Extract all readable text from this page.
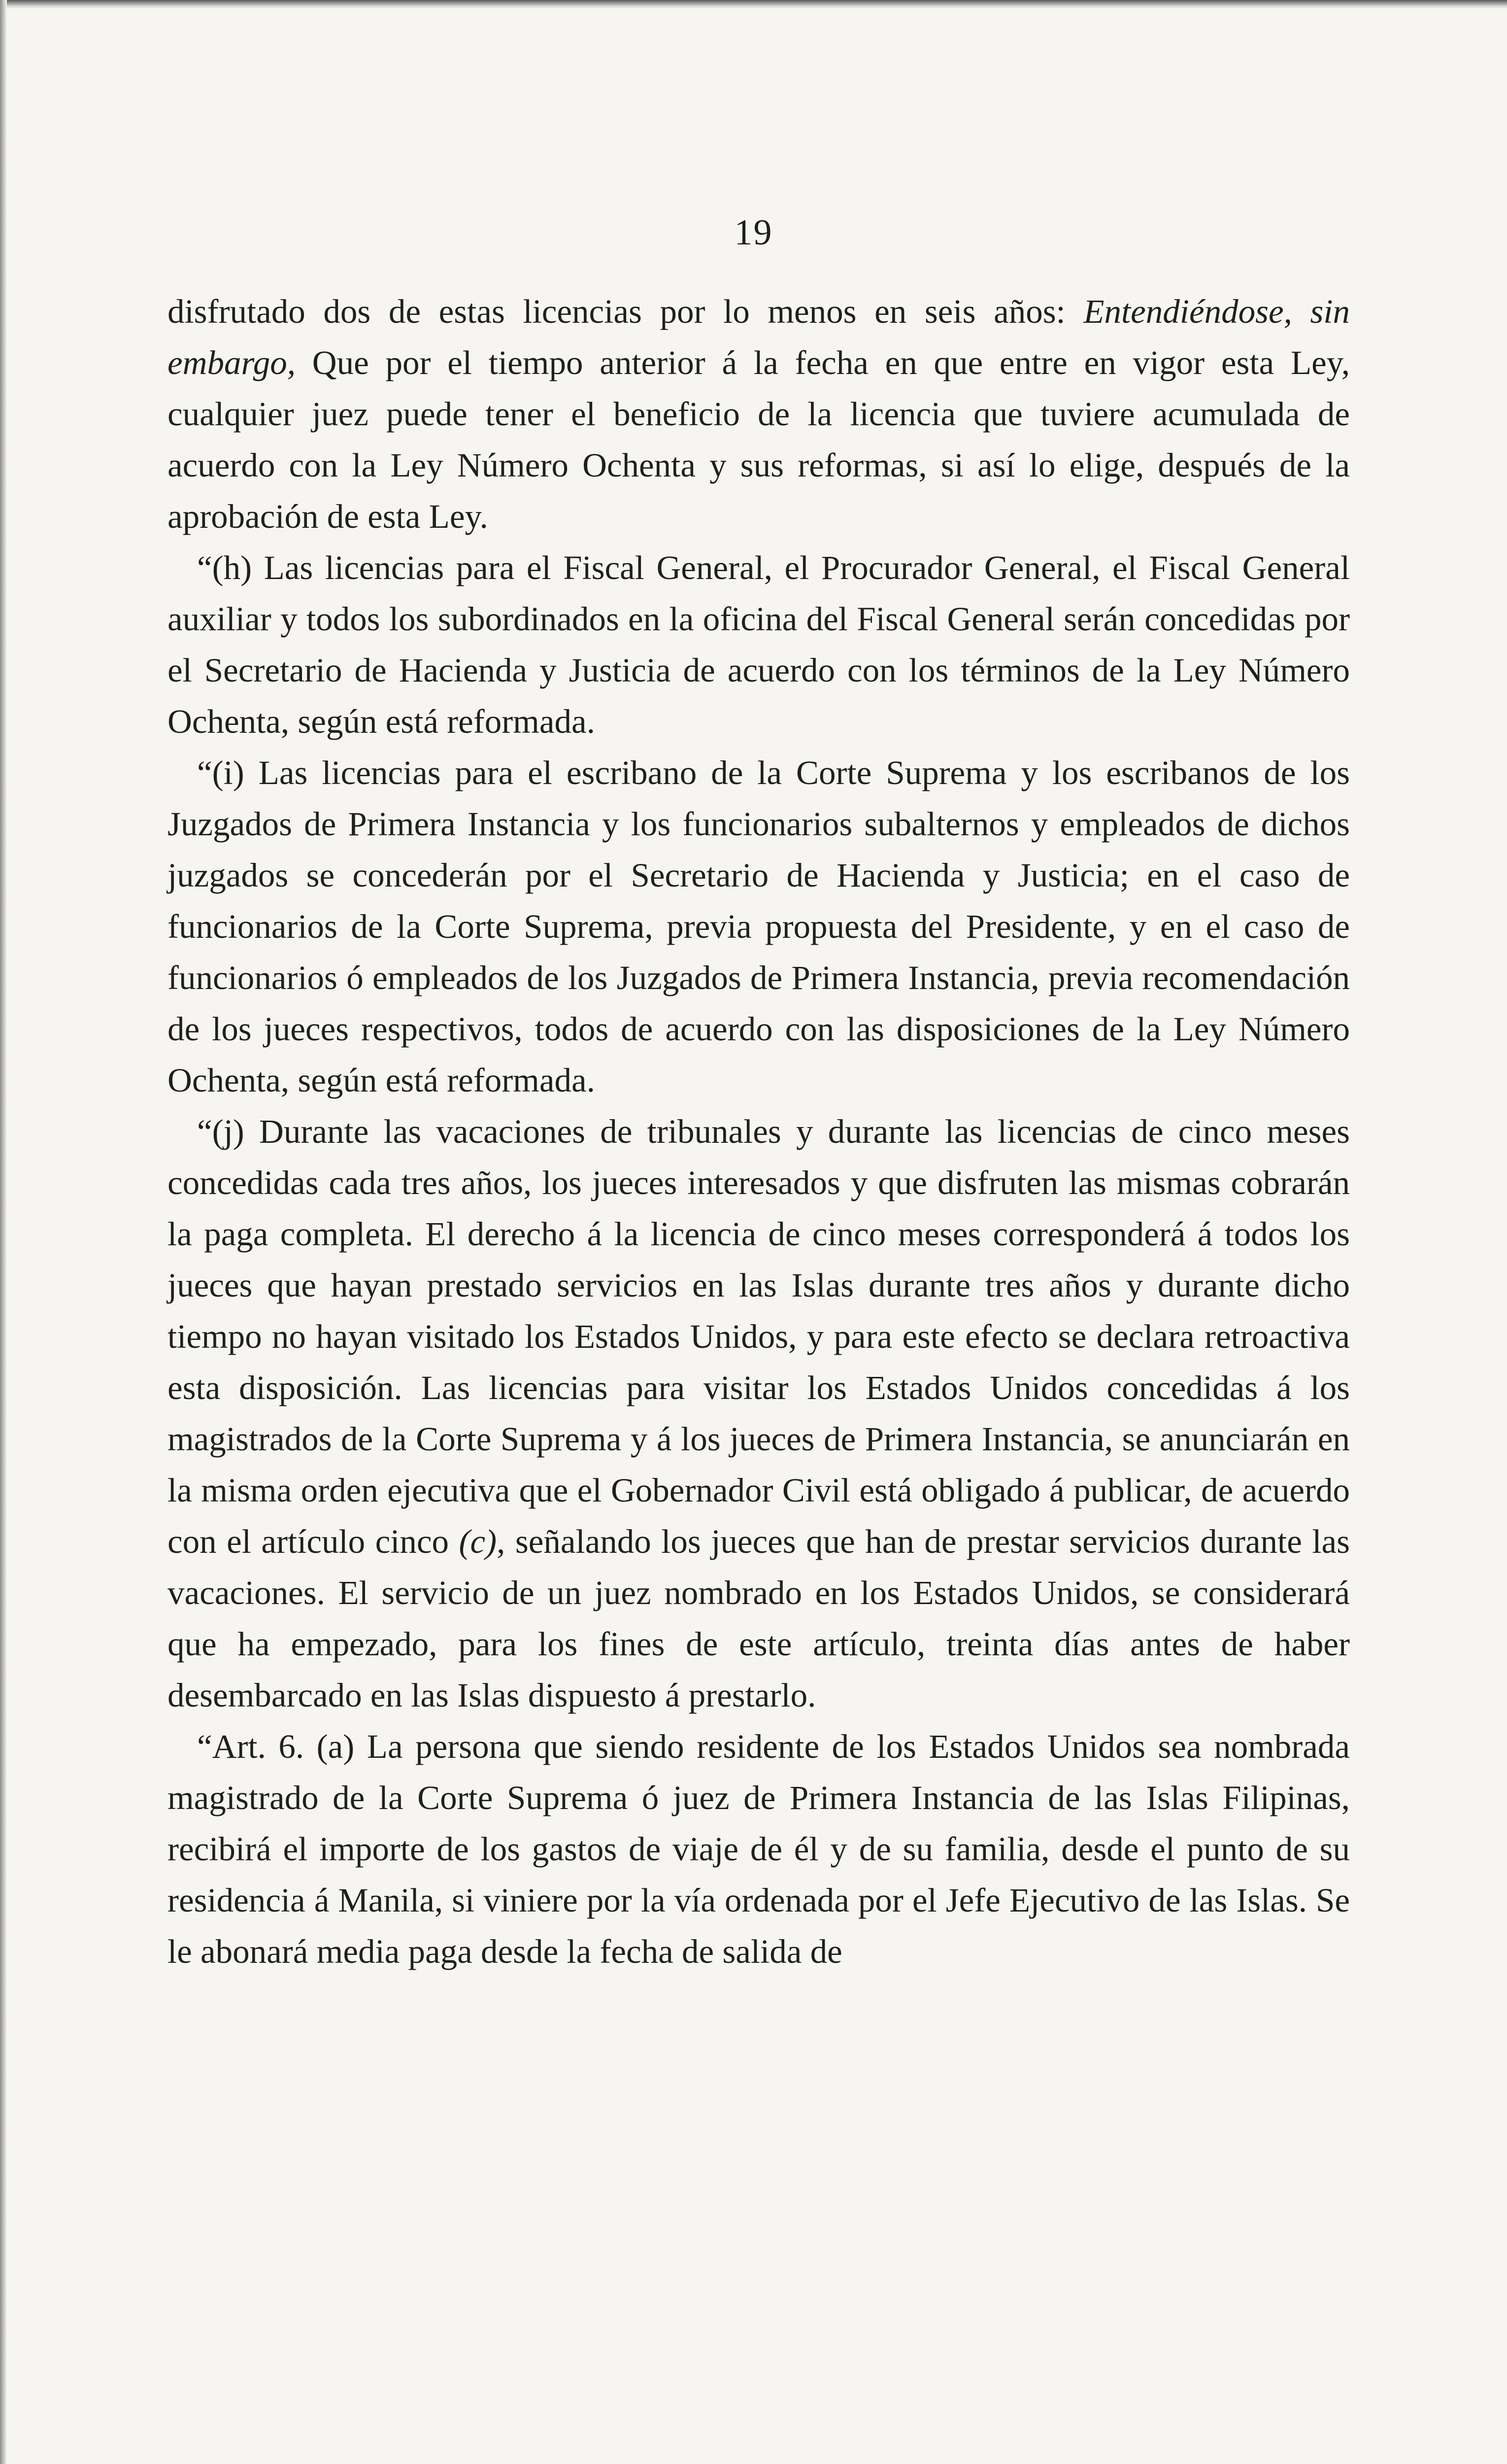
19

disfrutado dos de estas licencias por lo menos en seis años: Entendiéndose, sin embargo, Que por el tiempo anterior á la fecha en que entre en vigor esta Ley, cualquier juez puede tener el beneficio de la licencia que tuviere acumulada de acuerdo con la Ley Número Ochenta y sus reformas, si así lo elige, después de la aprobación de esta Ley.

“(h) Las licencias para el Fiscal General, el Procurador General, el Fiscal General auxiliar y todos los subordinados en la oficina del Fiscal General serán concedidas por el Secretario de Hacienda y Justicia de acuerdo con los términos de la Ley Número Ochenta, según está reformada.

“(i) Las licencias para el escribano de la Corte Suprema y los escribanos de los Juzgados de Primera Instancia y los funcionarios subalternos y empleados de dichos juzgados se concederán por el Secretario de Hacienda y Justicia; en el caso de funcionarios de la Corte Suprema, previa propuesta del Presidente, y en el caso de funcionarios ó empleados de los Juzgados de Primera Instancia, previa recomendación de los jueces respectivos, todos de acuerdo con las disposiciones de la Ley Número Ochenta, según está reformada.

“(j) Durante las vacaciones de tribunales y durante las licencias de cinco meses concedidas cada tres años, los jueces interesados y que disfruten las mismas cobrarán la paga completa. El derecho á la licencia de cinco meses corresponderá á todos los jueces que hayan prestado servicios en las Islas durante tres años y durante dicho tiempo no hayan visitado los Estados Unidos, y para este efecto se declara retroactiva esta disposición. Las licencias para visitar los Estados Unidos concedidas á los magistrados de la Corte Suprema y á los jueces de Primera Instancia, se anunciarán en la misma orden ejecutiva que el Gobernador Civil está obligado á publicar, de acuerdo con el artículo cinco (c), señalando los jueces que han de prestar servicios durante las vacaciones. El servicio de un juez nombrado en los Estados Unidos, se considerará que ha empezado, para los fines de este artículo, treinta días antes de haber desembarcado en las Islas dispuesto á prestarlo.

“Art. 6. (a) La persona que siendo residente de los Estados Unidos sea nombrada magistrado de la Corte Suprema ó juez de Primera Instancia de las Islas Filipinas, recibirá el importe de los gastos de viaje de él y de su familia, desde el punto de su residencia á Manila, si viniere por la vía ordenada por el Jefe Ejecutivo de las Islas. Se le abonará media paga desde la fecha de salida de
